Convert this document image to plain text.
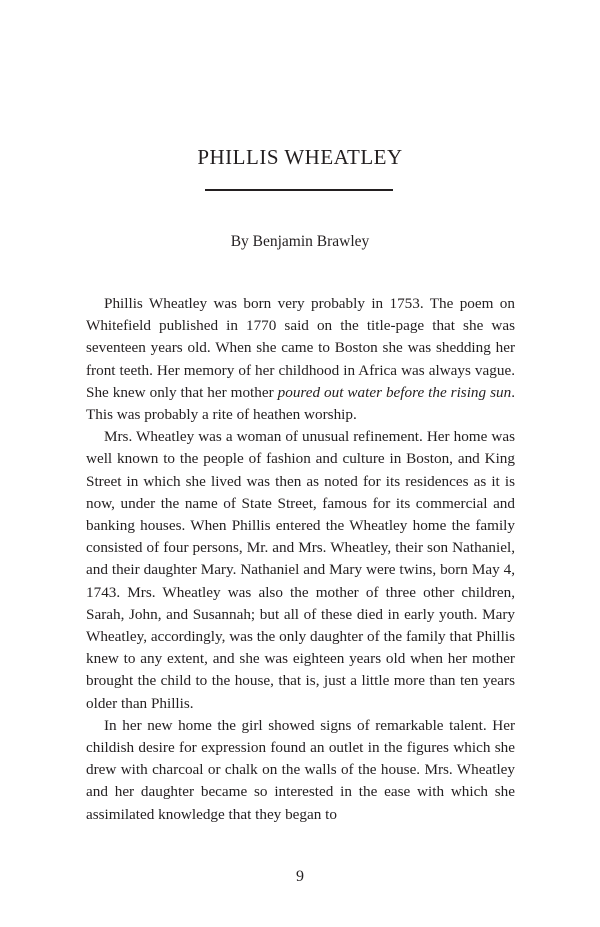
PHILLIS WHEATLEY
By Benjamin Brawley

Phillis Wheatley was born very probably in 1753. The poem on Whitefield published in 1770 said on the title-page that she was seventeen years old. When she came to Boston she was shedding her front teeth. Her memory of her childhood in Africa was always vague. She knew only that her mother poured out water before the rising sun. This was probably a rite of heathen worship.

Mrs. Wheatley was a woman of unusual refinement. Her home was well known to the people of fashion and culture in Boston, and King Street in which she lived was then as noted for its residences as it is now, under the name of State Street, famous for its commercial and banking houses. When Phillis entered the Wheatley home the family consisted of four persons, Mr. and Mrs. Wheatley, their son Nathaniel, and their daughter Mary. Nathaniel and Mary were twins, born May 4, 1743. Mrs. Wheatley was also the mother of three other children, Sarah, John, and Susannah; but all of these died in early youth. Mary Wheatley, accordingly, was the only daughter of the family that Phillis knew to any extent, and she was eighteen years old when her mother brought the child to the house, that is, just a little more than ten years older than Phillis.

In her new home the girl showed signs of remarkable talent. Her childish desire for expression found an outlet in the figures which she drew with charcoal or chalk on the walls of the house. Mrs. Wheatley and her daughter became so interested in the ease with which she assimilated knowledge that they began to

9
